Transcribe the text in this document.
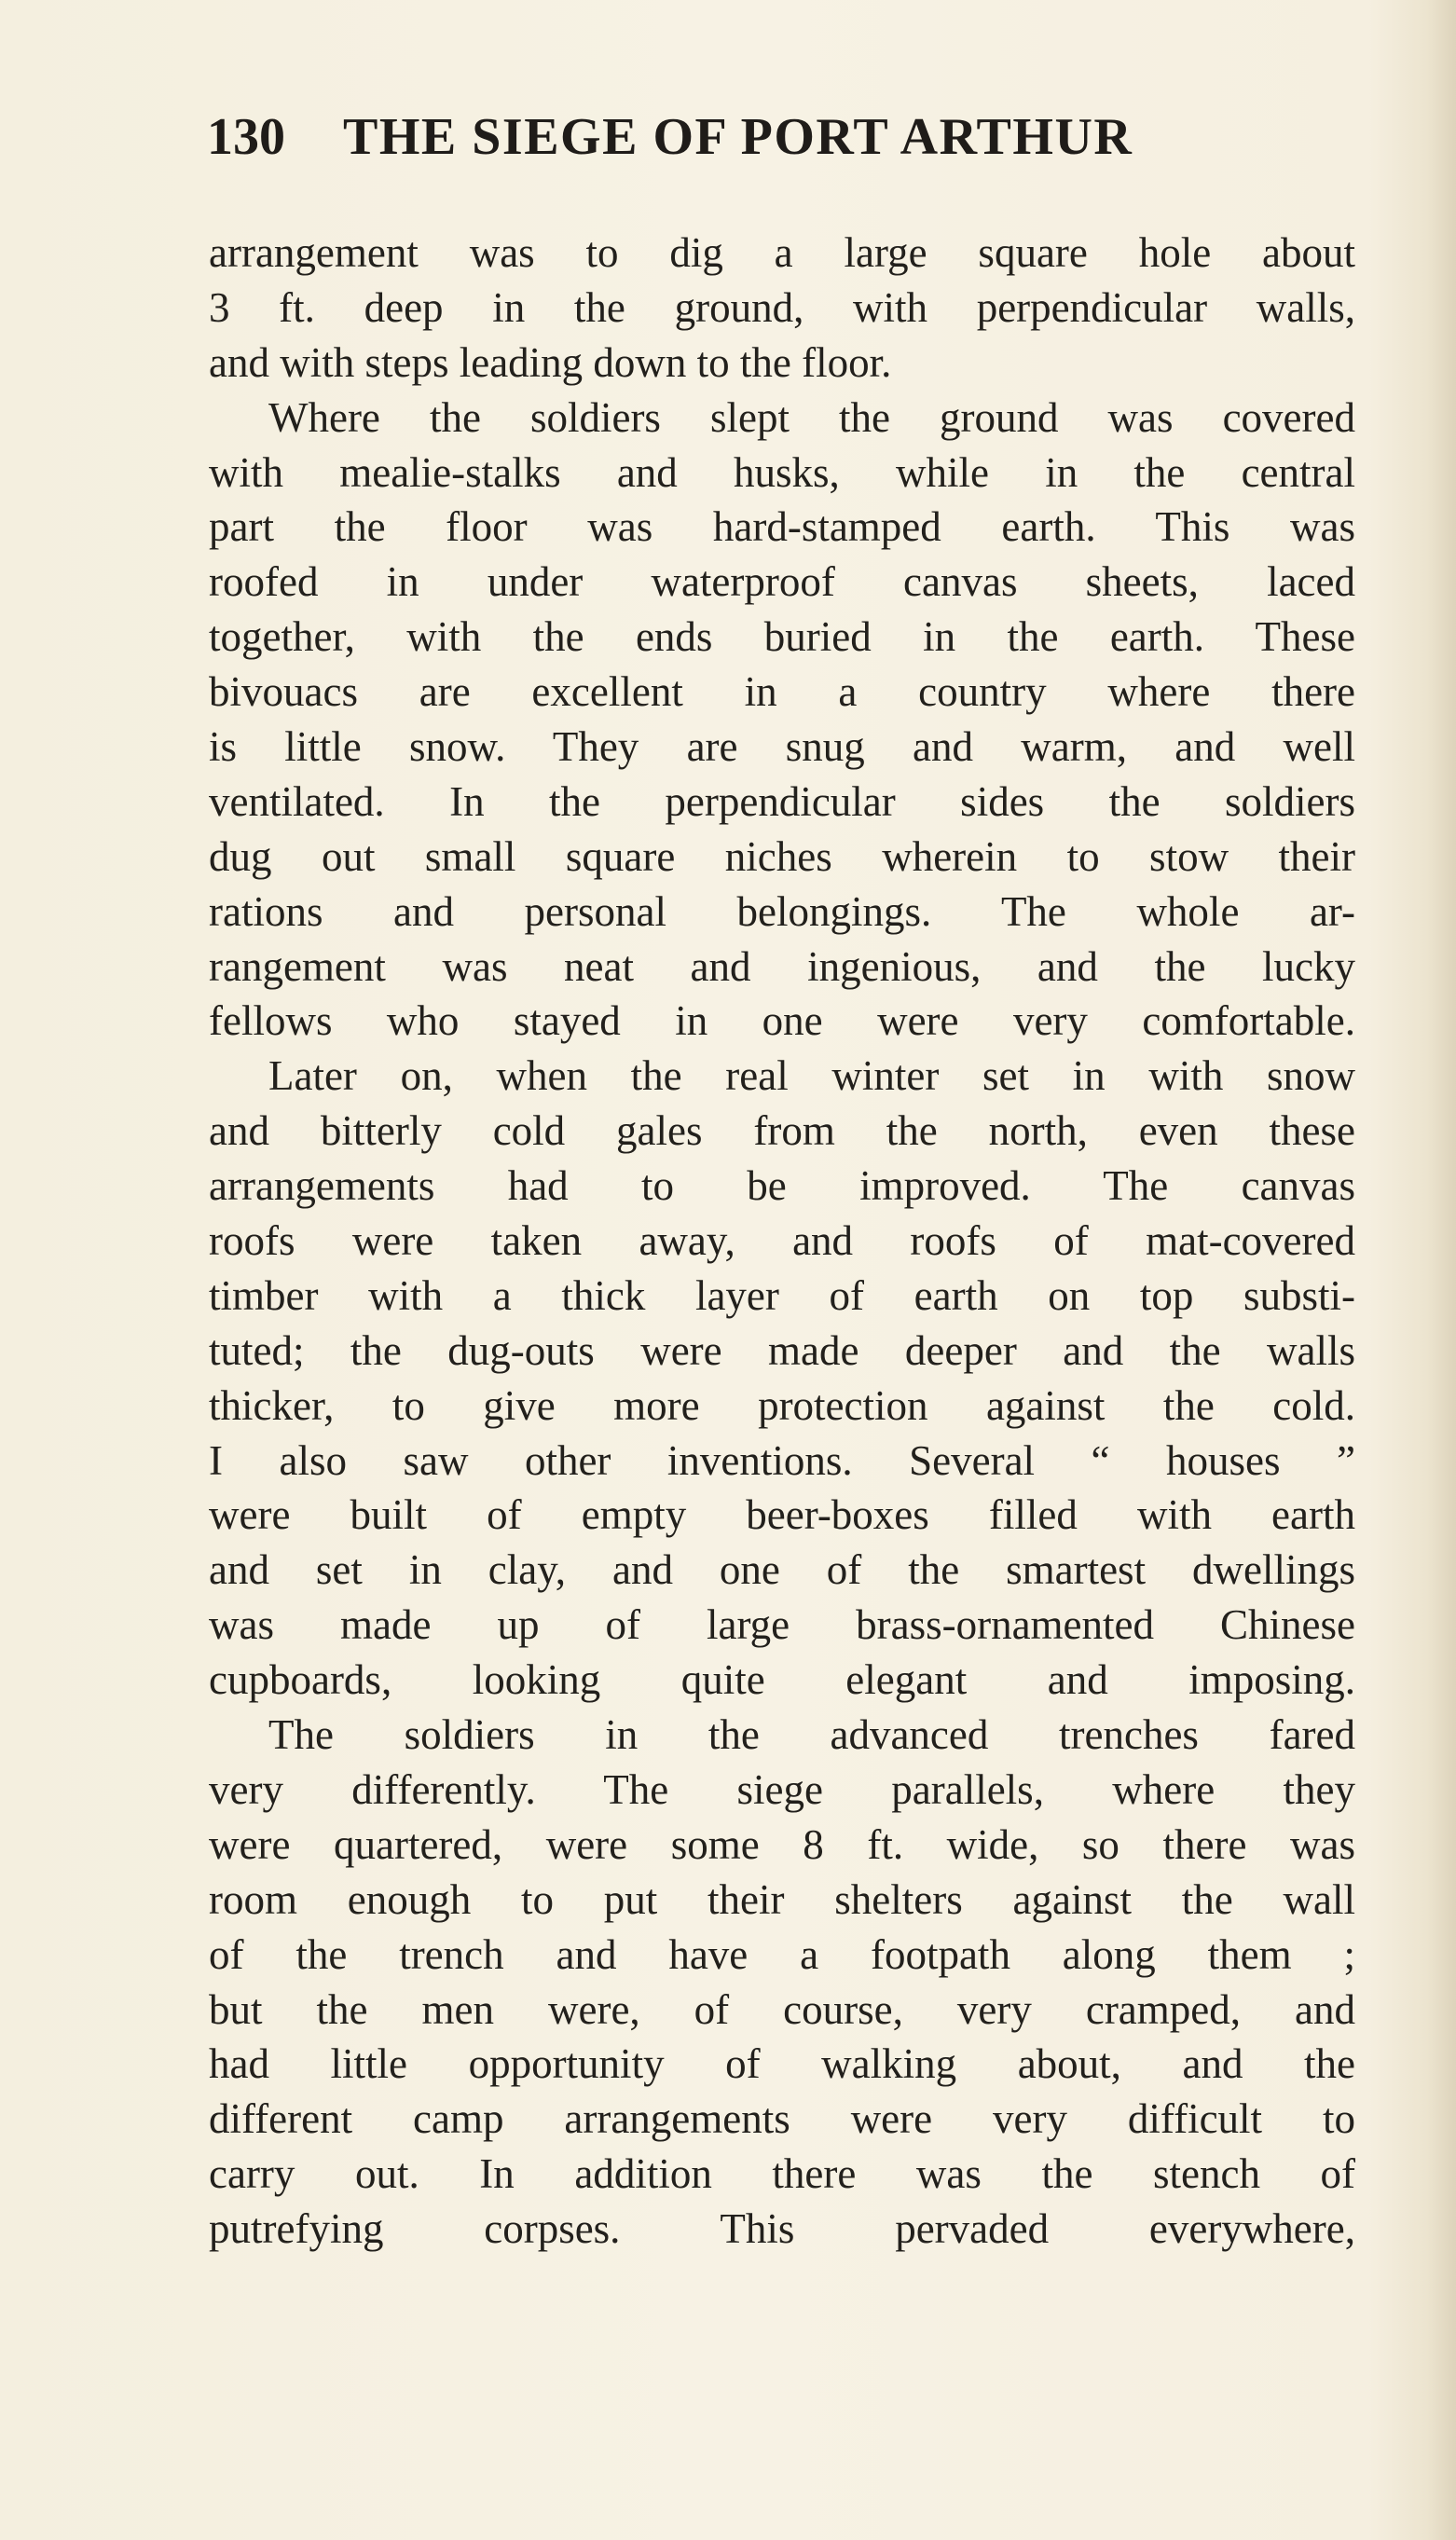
130 THE SIEGE OF PORT ARTHUR
arrangement was to dig a large square hole about
3 ft. deep in the ground, with perpendicular walls,
and with steps leading down to the floor.
Where the soldiers slept the ground was covered
with mealie-stalks and husks, while in the central
part the floor was hard-stamped earth. This was
roofed in under waterproof canvas sheets, laced
together, with the ends buried in the earth. These
bivouacs are excellent in a country where there
is little snow. They are snug and warm, and well
ventilated. In the perpendicular sides the soldiers
dug out small square niches wherein to stow their
rations and personal belongings. The whole ar-
rangement was neat and ingenious, and the lucky
fellows who stayed in one were very comfortable.
Later on, when the real winter set in with snow
and bitterly cold gales from the north, even these
arrangements had to be improved. The canvas
roofs were taken away, and roofs of mat-covered
timber with a thick layer of earth on top substi-
tuted; the dug-outs were made deeper and the walls
thicker, to give more protection against the cold.
I also saw other inventions. Several “ houses ”
were built of empty beer-boxes filled with earth
and set in clay, and one of the smartest dwellings
was made up of large brass-ornamented Chinese
cupboards, looking quite elegant and imposing.
The soldiers in the advanced trenches fared
very differently. The siege parallels, where they
were quartered, were some 8 ft. wide, so there was
room enough to put their shelters against the wall
of the trench and have a footpath along them ;
but the men were, of course, very cramped, and
had little opportunity of walking about, and the
different camp arrangements were very difficult to
carry out. In addition there was the stench of
putrefying corpses. This pervaded everywhere,
